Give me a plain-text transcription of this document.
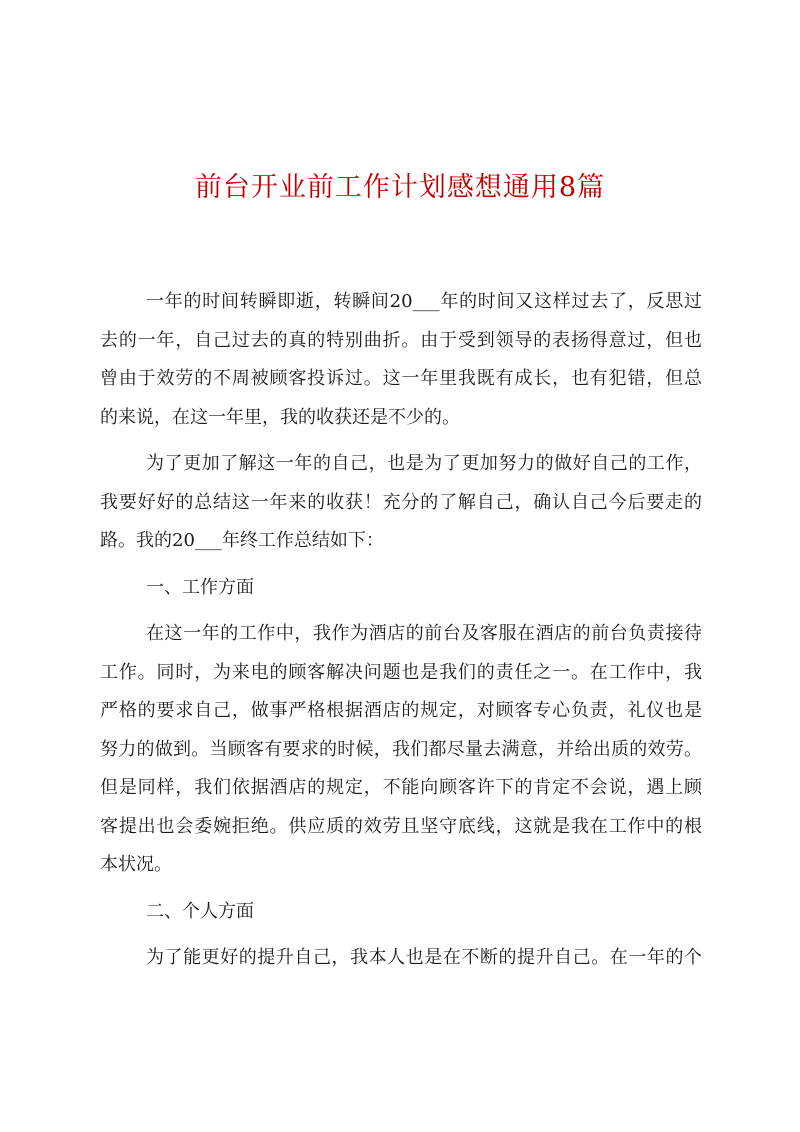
前台开业前工作计划感想通用8篇
一年的时间转瞬即逝，转瞬间20___年的时间又这样过去了，反思过
去的一年，自己过去的真的特别曲折。由于受到领导的表扬得意过，但也
曾由于效劳的不周被顾客投诉过。这一年里我既有成长，也有犯错，但总
的来说，在这一年里，我的收获还是不少的。
为了更加了解这一年的自己，也是为了更加努力的做好自己的工作，
我要好好的总结这一年来的收获！充分的了解自己，确认自己今后要走的
路。我的20___年终工作总结如下：
一、工作方面
在这一年的工作中，我作为酒店的前台及客服在酒店的前台负责接待
工作。同时，为来电的顾客解决问题也是我们的责任之一。在工作中，我
严格的要求自己，做事严格根据酒店的规定，对顾客专心负责，礼仪也是
努力的做到。当顾客有要求的时候，我们都尽量去满意，并给出质的效劳。
但是同样，我们依据酒店的规定，不能向顾客许下的肯定不会说，遇上顾
客提出也会委婉拒绝。供应质的效劳且坚守底线，这就是我在工作中的根
本状况。
二、个人方面
为了能更好的提升自己，我本人也是在不断的提升自己。在一年的个
